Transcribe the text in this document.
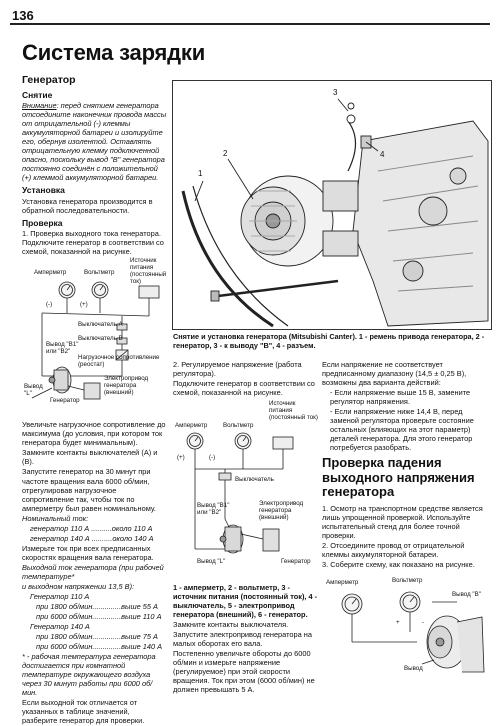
136
Система зарядки
Генератор
Снятие

Внимание: перед снятием генератора отсоедините наконечник провода массы от отрицательной (-) клеммы аккумуляторной батареи и изолируйте его, обернув изолентой. Оставлять отрицательную клемму подключенной опасно, поскольку вывод "B" генератора постоянно соединён с положительной (+) клеммой аккумуляторной батареи.

Установка

Установка генератора производится в обратной последовательности.

Проверка

1. Проверка выходного тока генератора. Подключите генератор в соответствии со схемой, показанной на рисунке.

Амперметр	Вольтметр
Источник питания (постоянный ток)
(-)	(+)
Выключатель А
Выключатель В
Вывод "B1" или "B2"
Нагрузочное сопротивление (реостат)
Электропривод генератора (внешний)
Вывод "L"
Генератор

Увеличьте нагрузочное сопротивление до максимума (до условия, при котором ток генератора будет минимальным).

Замкните контакты выключателей (А) и (В).

Запустите генератор на 30 минут при частоте вращения вала 6000 об/мин, отрегулировав нагрузочное сопротивление так, чтобы ток по амперметру был равен номинальному.

Номинальный ток:

генератор 110 А ..........около 110 А

генератор 140 А ..........около 140 А

Измерьте ток при всех предписанных скоростях вращения вала генератора.

Выходной ток генератора (при рабочей температуре*

и выходном напряжении 13,5 В):

Генератор 110 А

при 1800 об/мин..............выше 55 А

при 6000 об/мин..............выше 110 А

Генератор 140 А

при 1800 об/мин..............выше 75 А

при 6000 об/мин..............выше 140 А

* - рабочая температура генератора достигается при комнатной температуре окружающего воздуха через 30 минут работы при 6000 об/мин.

Если выходной ток отличается от указанных в таблице значений, разберите генератор для проверки.

2
1
3
4
Снятие и установка генератора (Mitsubishi Canter). 1 - ремень привода генератора, 2 - генератор, 3 - к выводу "B", 4 - разъем.

2. Регулируемое напряжение (работа регулятора).

Подключите генератор в соответствии со схемой, показанной на рисунке.

Амперметр	Вольтметр
Источник питания (постоянный ток)
(+)	(-)
Выключатель
Вывод "B1" или "B2"
Электропривод генератора (внешний)
Вывод "L"	Генератор

1 - амперметр, 2 - вольтметр, 3 - источник питания (постоянный ток), 4 - выключатель, 5 - электропривод генератора (внешний), 6 - генератор.

Замкните контакты выключателя.

Запустите электропривод генератора на малых оборотах его вала.

Постепенно увеличьте обороты до 6000 об/мин и измерьте напряжение (регулируемое) при этой скорости вращения. Ток при этом (6000 об/мин) не должен превышать 5 А.

Если напряжение не соответствует предписанному диапазону (14,5 ± 0,25 В), возможны два варианта действий:

- Если напряжение выше 15 В, замените регулятор напряжения.

- Если напряжение ниже 14,4 В, перед заменой регулятора проверьте состояние остальных (влияющих на этот параметр) деталей генератора. Для этого генератор потребуется разобрать.

Проверка падения выходного напряжения генератора

1. Осмотр на транспортном средстве является лишь упрощенной проверкой. Используйте испытательный стенд для более точной проверки.

2. Отсоедините провод от отрицательной клеммы аккумуляторной батареи.

3. Соберите схему, как показано на рисунке.

Амперметр	Вольтметр
Вывод "B"
+	-
Вывод
